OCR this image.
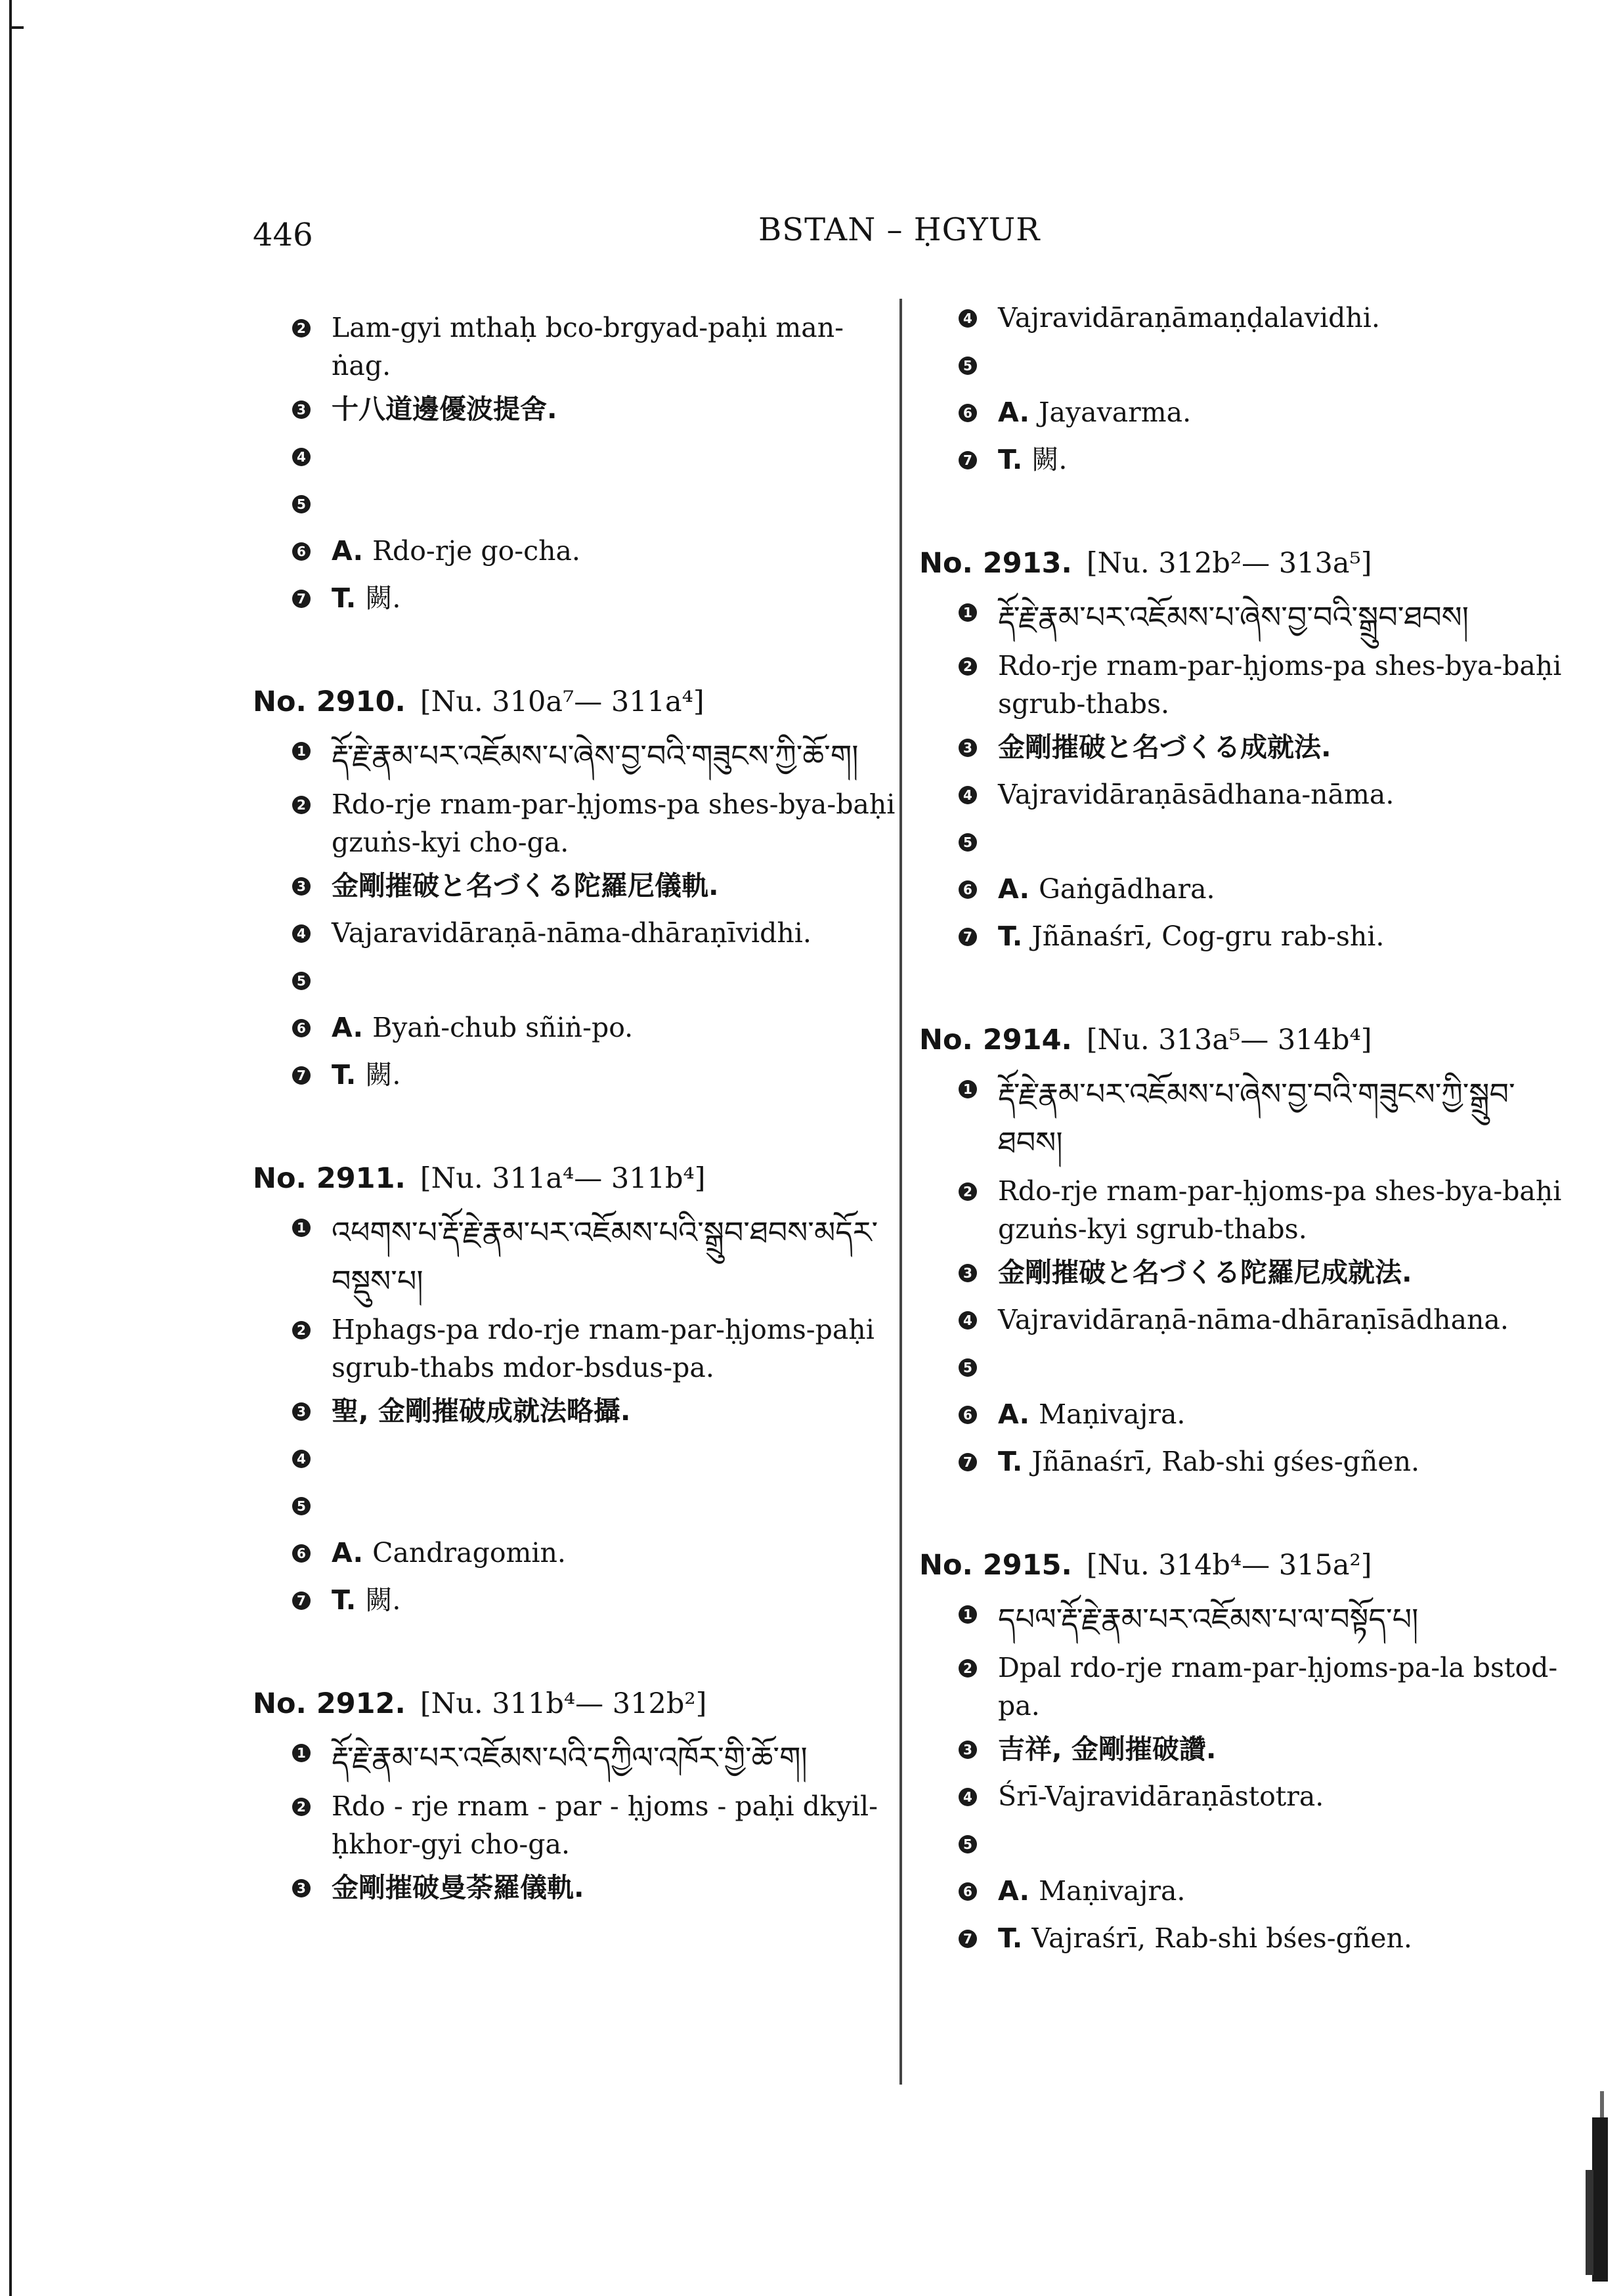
446	BSTAN – ḤGYUR
2 Lam-gyi mthaḥ bco-brgyad-paḥi man-ṅag.
3 十八道邊優波提舍.
4
5
6 A. Rdo-rje go-cha.
7 T. 闕.
No. 2910. [Nu. 310a⁷— 311a⁴]
1 རྡོ་རྗེ་རྣམ་པར་འཇོམས་པ་ཞེས་བྱ་བའི་གཟུངས་ཀྱི་ཆོ་ག།
2 Rdo-rje rnam-par-ḥjoms-pa shes-bya-baḥi gzuṅs-kyi cho-ga.
3 金剛摧破と名づくる陀羅尼儀軌.
4 Vajaravidāraṇā-nāma-dhāraṇīvidhi.
5
6 A. Byaṅ-chub sñiṅ-po.
7 T. 闕.
No. 2911. [Nu. 311a⁴— 311b⁴]
1 འཕགས་པ་རྡོ་རྗེ་རྣམ་པར་འཇོམས་པའི་སྒྲུབ་ཐབས་མདོར་བསྡུས་པ།
2 Hphags-pa rdo-rje rnam-par-ḥjoms-paḥi sgrub-thabs mdor-bsdus-pa.
3 聖, 金剛摧破成就法略攝.
4
5
6 A. Candragomin.
7 T. 闕.
No. 2912. [Nu. 311b⁴— 312b²]
1 རྡོ་རྗེ་རྣམ་པར་འཇོམས་པའི་དཀྱིལ་འཁོར་གྱི་ཆོ་ག།
2 Rdo - rje rnam - par - ḥjoms - paḥi dkyil-ḥkhor-gyi cho-ga.
3 金剛摧破曼荼羅儀軌.
4 Vajravidāraṇāmaṇḍalavidhi.
5
6 A. Jayavarma.
7 T. 闕.
No. 2913. [Nu. 312b²— 313a⁵]
1 རྡོ་རྗེ་རྣམ་པར་འཇོམས་པ་ཞེས་བྱ་བའི་སྒྲུབ་ཐབས།
2 Rdo-rje rnam-par-ḥjoms-pa shes-bya-baḥi sgrub-thabs.
3 金剛摧破と名づくる成就法.
4 Vajravidāraṇāsādhana-nāma.
5
6 A. Gaṅgādhara.
7 T. Jñānaśrī, Cog-gru rab-shi.
No. 2914. [Nu. 313a⁵— 314b⁴]
1 རྡོ་རྗེ་རྣམ་པར་འཇོམས་པ་ཞེས་བྱ་བའི་གཟུངས་ཀྱི་སྒྲུབ་ཐབས།
2 Rdo-rje rnam-par-ḥjoms-pa shes-bya-baḥi gzuṅs-kyi sgrub-thabs.
3 金剛摧破と名づくる陀羅尼成就法.
4 Vajravidāraṇā-nāma-dhāraṇīsādhana.
5
6 A. Maṇivajra.
7 T. Jñānaśrī, Rab-shi gśes-gñen.
No. 2915. [Nu. 314b⁴— 315a²]
1 དཔལ་རྡོ་རྗེ་རྣམ་པར་འཇོམས་པ་ལ་བསྟོད་པ།
2 Dpal rdo-rje rnam-par-ḥjoms-pa-la bstod-pa.
3 吉祥, 金剛摧破讚.
4 Śrī-Vajravidāraṇāstotra.
5
6 A. Maṇivajra.
7 T. Vajraśrī, Rab-shi bśes-gñen.
